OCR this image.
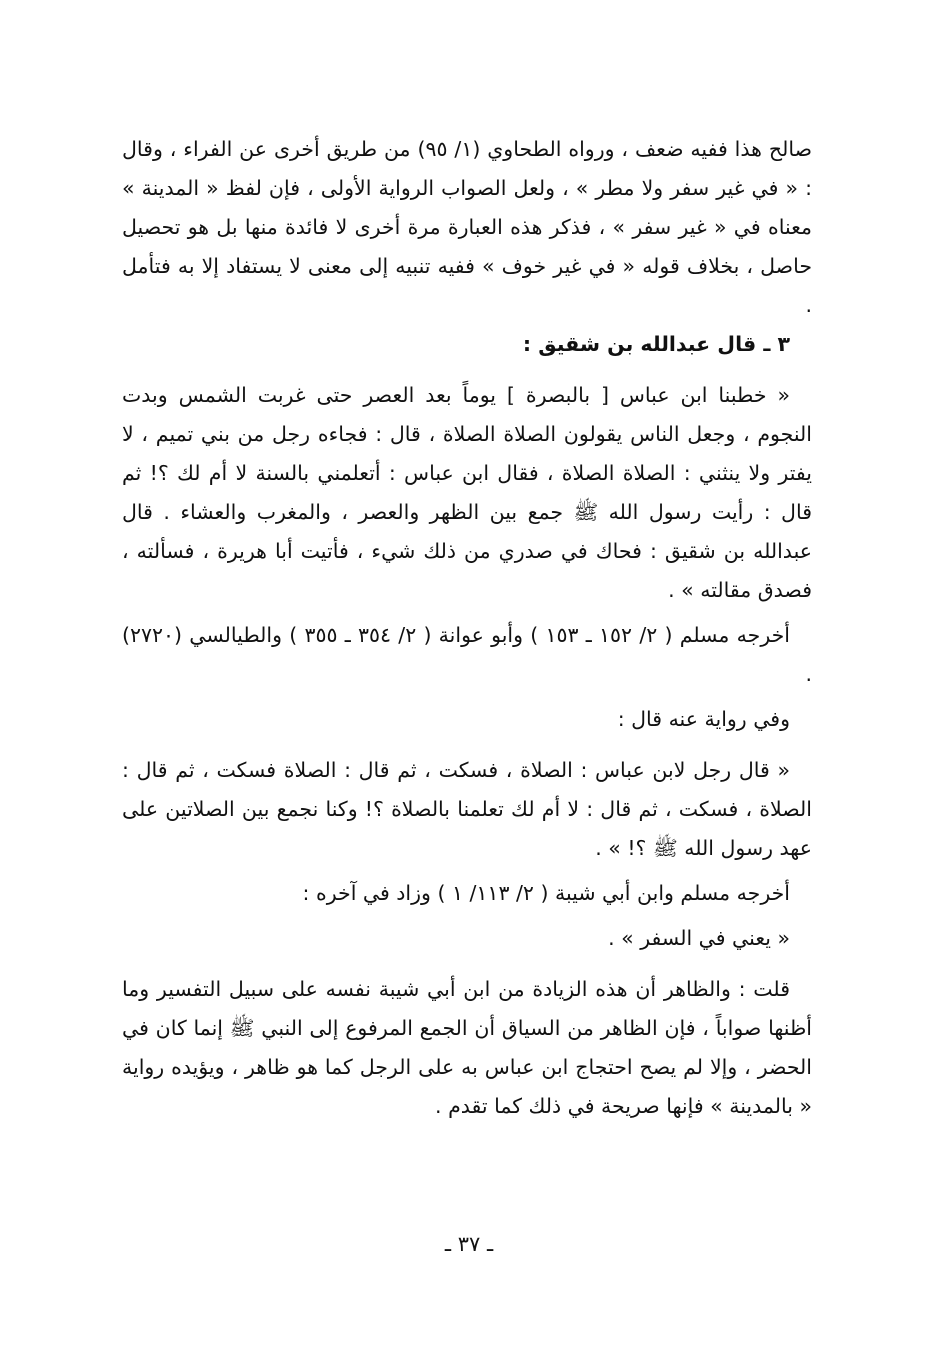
صالح هذا ففيه ضعف ، ورواه الطحاوي (١/ ٩٥) من طريق أخرى عن الفراء ، وقال : « في غير سفر ولا مطر » ، ولعل الصواب الرواية الأولى ، فإن لفظ « المدينة » معناه في « غير سفر » ، فذكر هذه العبارة مرة أخرى لا فائدة منها بل هو تحصيل حاصل ، بخلاف قوله « في غير خوف » ففيه تنبيه إلى معنى لا يستفاد إلا به فتأمل .

٣ ـ قال عبدالله بن شقيق :

« خطبنا ابن عباس [ بالبصرة ] يوماً بعد العصر حتى غربت الشمس وبدت النجوم ، وجعل الناس يقولون الصلاة الصلاة ، قال : فجاءه رجل من بني تميم ، لا يفتر ولا ينثني : الصلاة الصلاة ، فقال ابن عباس : أتعلمني بالسنة لا أم لك ؟! ثم قال : رأيت رسول الله ﷺ جمع بين الظهر والعصر ، والمغرب والعشاء . قال عبدالله بن شقيق : فحاك في صدري من ذلك شيء ، فأتيت أبا هريرة ، فسألته ، فصدق مقالته » .

أخرجه مسلم ( ٢/ ١٥٢ ـ ١٥٣ ) وأبو عوانة ( ٢/ ٣٥٤ ـ ٣٥٥ ) والطيالسي (٢٧٢٠) .

وفي رواية عنه قال :

« قال رجل لابن عباس : الصلاة ، فسكت ، ثم قال : الصلاة فسكت ، ثم قال : الصلاة ، فسكت ، ثم قال : لا أم لك تعلمنا بالصلاة ؟! وكنا نجمع بين الصلاتين على عهد رسول الله ﷺ ؟! » .

أخرجه مسلم وابن أبي شيبة ( ٢/ ١١٣/ ١ ) وزاد في آخره :

« يعني في السفر » .

قلت : والظاهر أن هذه الزيادة من ابن أبي شيبة نفسه على سبيل التفسير وما أظنها صواباً ، فإن الظاهر من السياق أن الجمع المرفوع إلى النبي ﷺ إنما كان في الحضر ، وإلا لم يصح احتجاج ابن عباس به على الرجل كما هو ظاهر ، ويؤيده رواية « بالمدينة » فإنها صريحة في ذلك كما تقدم .

ـ ٣٧ ـ
